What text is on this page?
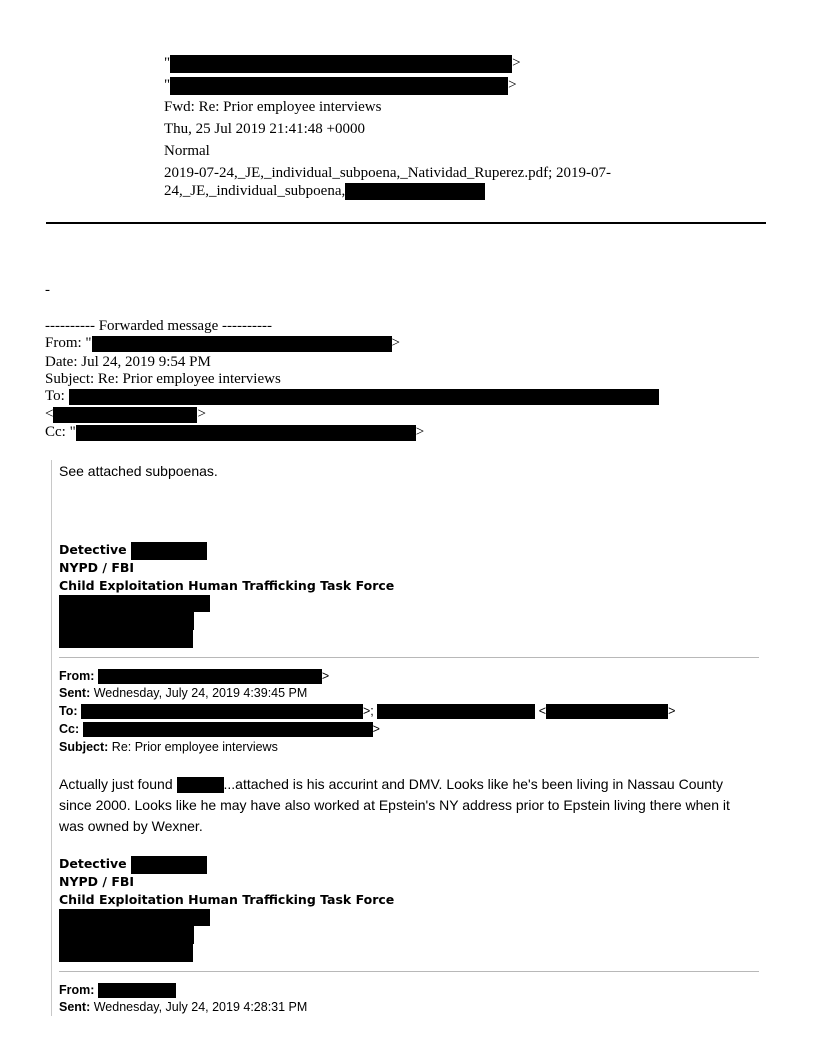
"	>
"	>
Fwd: Re: Prior employee interviews
Thu, 25 Jul 2019 21:41:48 +0000
Normal
2019-07-24,_JE,_individual_subpoena,_Natividad_Ruperez.pdf; 2019-07-
24,_JE,_individual_subpoena,
-
---------- Forwarded message ----------
From: "	>
Date: Jul 24, 2019 9:54 PM
Subject: Re: Prior employee interviews
To:
<	>
Cc: "	>
See attached subpoenas.
Detective
NYPD / FBI
Child Exploitation Human Trafficking Task Force
From:	>
Sent: Wednesday, July 24, 2019 4:39:45 PM
To:	>;	<	>
Cc:	>
Subject: Re: Prior employee interviews
Actually just found	...attached is his accurint and DMV. Looks like he's been living in Nassau County
since 2000. Looks like he may have also worked at Epstein's NY address prior to Epstein living there when it
was owned by Wexner.
Detective
NYPD / FBI
Child Exploitation Human Trafficking Task Force
From:
Sent: Wednesday, July 24, 2019 4:28:31 PM
